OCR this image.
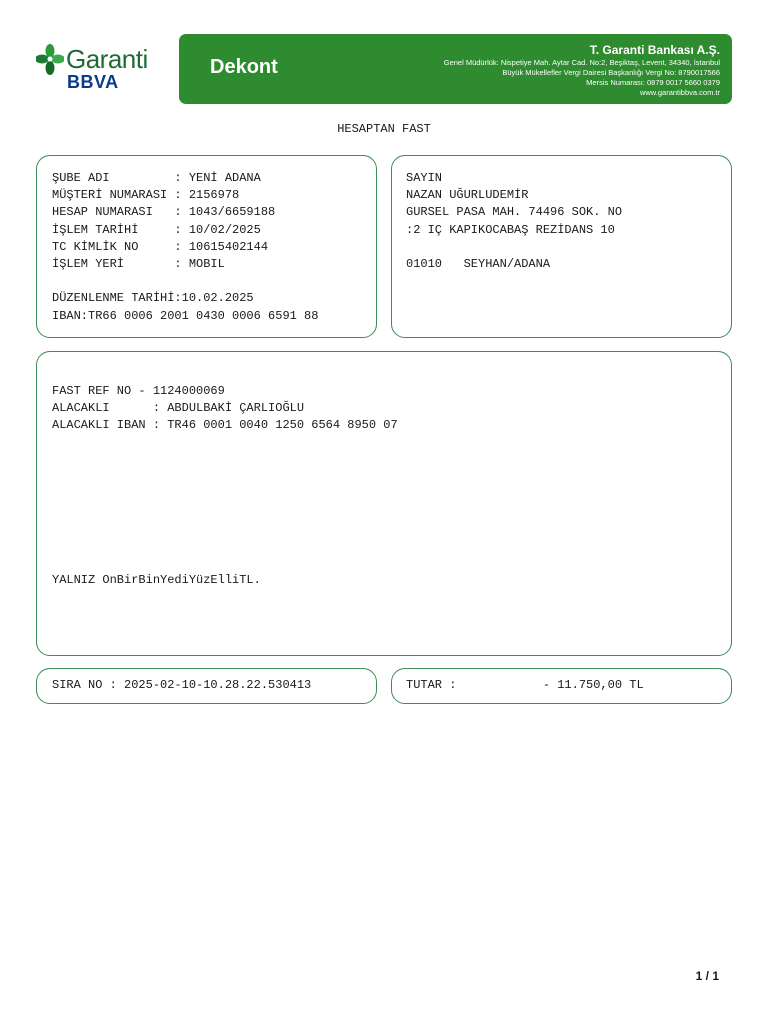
Garanti
BBVA
Dekont
T. Garanti Bankası A.Ş.
Genel Müdürlük: Nispetiye Mah. Aytar Cad. No:2, Beşiktaş, Levent, 34340, İstanbul
Büyük Mükellefler Vergi Dairesi Başkanlığı Vergi No: 8790017566
Mersis Numarası: 0879 0017 5660 0379
www.garantibbva.com.tr
HESAPTAN FAST
ŞUBE ADI         : YENİ ADANA
MÜŞTERİ NUMARASI : 2156978
HESAP NUMARASI   : 1043/6659188
İŞLEM TARİHİ     : 10/02/2025
TC KİMLİK NO     : 10615402144
İŞLEM YERİ       : MOBIL
DÜZENLENME TARİHİ:10.02.2025
IBAN:TR66 0006 2001 0430 0006 6591 88
SAYIN
NAZAN UĞURLUDEMİR
GURSEL PASA MAH. 74496 SOK. NO
:2 IÇ KAPIKOCABAŞ REZİDANS 10
01010   SEYHAN/ADANA
FAST REF NO - 1124000069
ALACAKLI      : ABDULBAKİ ÇARLIOĞLU
ALACAKLI IBAN : TR46 0001 0040 1250 6564 8950 07
YALNIZ OnBirBinYediYüzElliTL.
SIRA NO : 2025-02-10-10.28.22.530413	TUTAR :            - 11.750,00 TL
1 / 1
